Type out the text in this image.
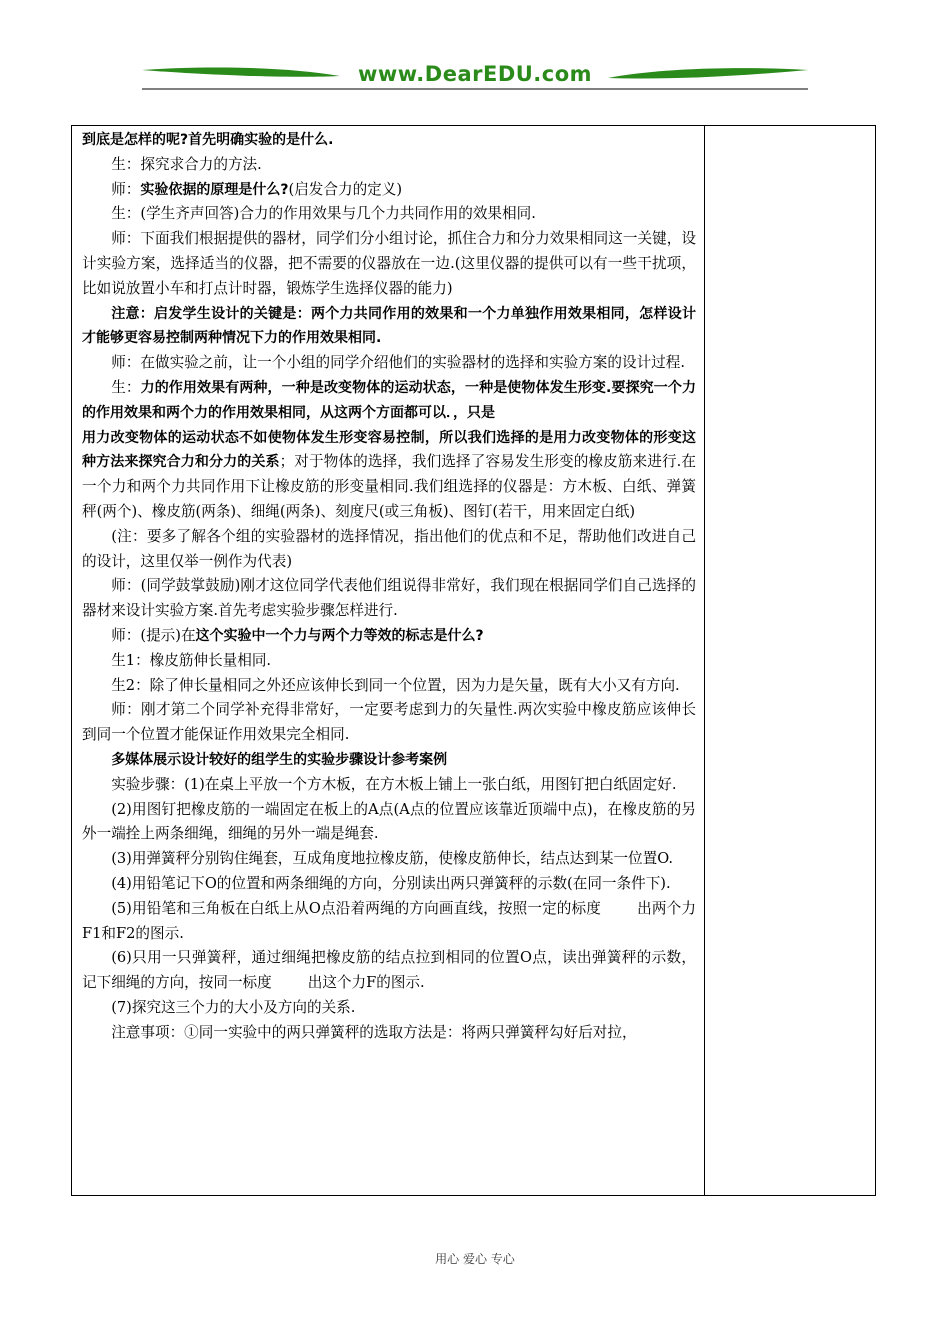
www.DearEDU.com

到底是怎样的呢?首先明确实验的是什么.

生：探究求合力的方法.

师：实验依据的原理是什么?(启发合力的定义)

生：(学生齐声回答)合力的作用效果与几个力共同作用的效果相同.

师：下面我们根据提供的器材，同学们分小组讨论，抓住合力和分力效果相同这一关键，设计实验方案，选择适当的仪器，把不需要的仪器放在一边.(这里仪器的提供可以有一些干扰项，比如说放置小车和打点计时器，锻炼学生选择仪器的能力)

注意：启发学生设计的关键是：两个力共同作用的效果和一个力单独作用效果相同，怎样设计才能够更容易控制两种情况下力的作用效果相同.

师：在做实验之前，让一个小组的同学介绍他们的实验器材的选择和实验方案的设计过程.

生：力的作用效果有两种，一种是改变物体的运动状态，一种是使物体发生形变.要探究一个力的作用效果和两个力的作用效果相同，从这两个方面都可以．，只是

用力改变物体的运动状态不如使物体发生形变容易控制，所以我们选择的是用力改变物体的形变这种方法来探究合力和分力的关系；对于物体的选择，我们选择了容易发生形变的橡皮筋来进行.在一个力和两个力共同作用下让橡皮筋的形变量相同.我们组选择的仪器是：方木板、白纸、弹簧秤(两个)、橡皮筋(两条)、细绳(两条)、刻度尺(或三角板)、图钉(若干，用来固定白纸)

(注：要多了解各个组的实验器材的选择情况，指出他们的优点和不足，帮助他们改进自己的设计，这里仅举一例作为代表)

师：(同学鼓掌鼓励)刚才这位同学代表他们组说得非常好，我们现在根据同学们自己选择的器材来设计实验方案.首先考虑实验步骤怎样进行.

师：(提示)在这个实验中一个力与两个力等效的标志是什么?

生1：橡皮筋伸长量相同.

生2：除了伸长量相同之外还应该伸长到同一个位置，因为力是矢量，既有大小又有方向.

师：刚才第二个同学补充得非常好，一定要考虑到力的矢量性.两次实验中橡皮筋应该伸长到同一个位置才能保证作用效果完全相同.

多媒体展示设计较好的组学生的实验步骤设计参考案例

实验步骤：(1)在桌上平放一个方木板，在方木板上铺上一张白纸，用图钉把白纸固定好.

(2)用图钉把橡皮筋的一端固定在板上的A点(A点的位置应该靠近顶端中点)，在橡皮筋的另外一端拴上两条细绳，细绳的另外一端是绳套.

(3)用弹簧秤分别钩住绳套，互成角度地拉橡皮筋，使橡皮筋伸长，结点达到某一位置O.

(4)用铅笔记下O的位置和两条细绳的方向，分别读出两只弹簧秤的示数(在同一条件下).

(5)用铅笔和三角板在白纸上从O点沿着两绳的方向画直线，按照一定的标度 出两个力F1和F2的图示.

(6)只用一只弹簧秤，通过细绳把橡皮筋的结点拉到相同的位置O点，读出弹簧秤的示数，记下细绳的方向，按同一标度 出这个力F的图示.

(7)探究这三个力的大小及方向的关系.

注意事项：①同一实验中的两只弹簧秤的选取方法是：将两只弹簧秤勾好后对拉，

用心 爱心 专心
